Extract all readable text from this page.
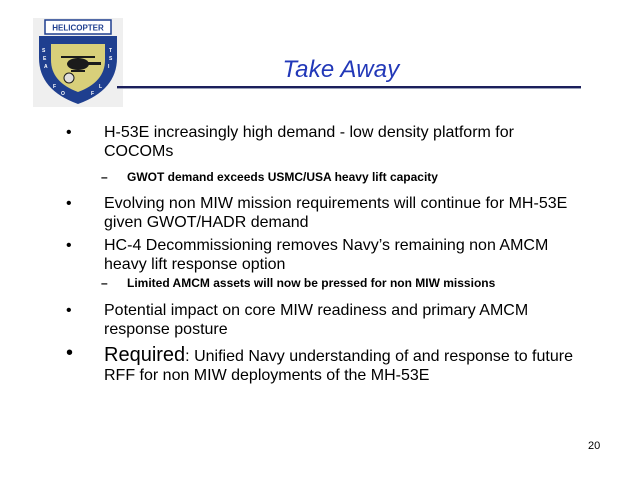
HELICOPTER
S
E
A
T
S
I
F
O	F
L
Take Away
•	H-53E increasingly high demand - low density platform for COCOMs
– GWOT demand exceeds USMC/USA heavy lift capacity
•	Evolving non MIW mission requirements will continue for MH-53E given GWOT/HADR demand
•	HC-4 Decommissioning removes Navy’s remaining non AMCM heavy lift response option
– Limited AMCM assets will now be pressed for non MIW missions
•	Potential impact on core MIW readiness and primary AMCM response posture
•	Required: Unified Navy understanding of and response to future RFF for non MIW deployments of the MH-53E
20
